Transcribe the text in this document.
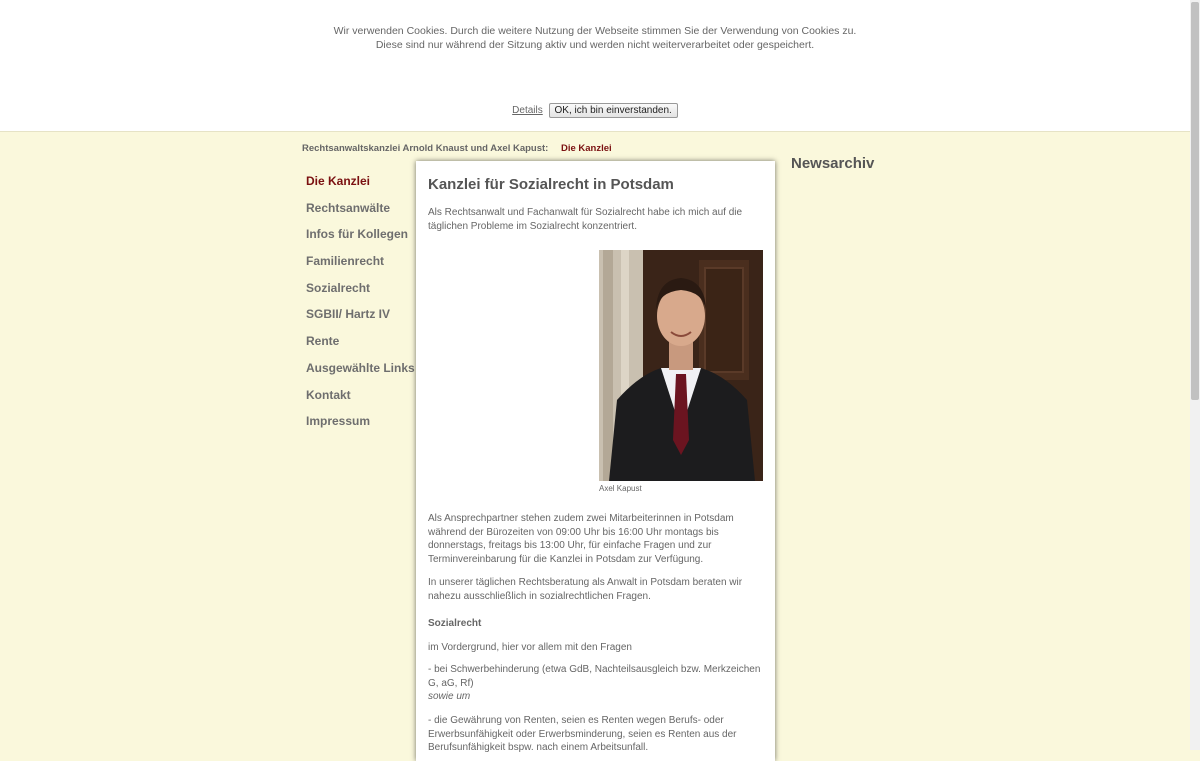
Wir verwenden Cookies. Durch die weitere Nutzung der Webseite stimmen Sie der Verwendung von Cookies zu.
Diese sind nur während der Sitzung aktiv und werden nicht weiterverarbeitet oder gespeichert.
Details OK, ich bin einverstanden.
Rechtsanwaltskanzlei Arnold Knaust und Axel Kapust: Die Kanzlei
Die Kanzlei
Rechtsanwälte
Infos für Kollegen
Familienrecht
Sozialrecht
SGBII/ Hartz IV
Rente
Ausgewählte Links
Kontakt
Impressum
Kanzlei für Sozialrecht in Potsdam

Als Rechtsanwalt und Fachanwalt für Sozialrecht habe ich mich auf die täglichen Probleme im Sozialrecht konzentriert.

Axel Kapust

Als Ansprechpartner stehen zudem zwei Mitarbeiterinnen in Potsdam während der Bürozeiten von 09:00 Uhr bis 16:00 Uhr montags bis donnerstags, freitags bis 13:00 Uhr, für einfache Fragen und zur Terminvereinbarung für die Kanzlei in Potsdam zur Verfügung.

In unserer täglichen Rechtsberatung als Anwalt in Potsdam beraten wir nahezu ausschließlich in sozialrechtlichen Fragen.

Sozialrecht

im Vordergrund, hier vor allem mit den Fragen

- bei Schwerbehinderung (etwa GdB, Nachteilsausgleich bzw. Merkzeichen G, aG, Rf)

sowie um

- die Gewährung von Renten, seien es Renten wegen Berufs- oder Erwerbsunfähigkeit oder Erwerbsminderung, seien es Renten aus der Berufsunfähigkeit bspw. nach einem Arbeitsunfall.

Newsarchiv
